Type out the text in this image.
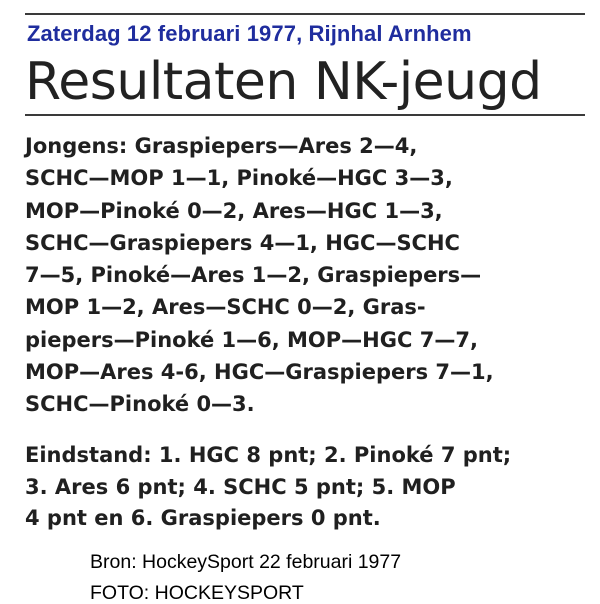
Zaterdag 12 februari 1977, Rijnhal Arnhem
Resultaten NK-jeugd
Jongens: Graspiepers—Ares 2—4,
SCHC—MOP 1—1, Pinoké—HGC 3—3,
MOP—Pinoké 0—2, Ares—HGC 1—3,
SCHC—Graspiepers 4—1, HGC—SCHC
7—5, Pinoké—Ares 1—2, Graspiepers—
MOP 1—2, Ares—SCHC 0—2, Gras-
piepers—Pinoké 1—6, MOP—HGC 7—7,
MOP—Ares 4-6, HGC—Graspiepers 7—1,
SCHC—Pinoké 0—3.
Eindstand: 1. HGC 8 pnt; 2. Pinoké 7 pnt;
3. Ares 6 pnt; 4. SCHC 5 pnt; 5. MOP
4 pnt en 6. Graspiepers 0 pnt.
Bron: HockeySport 22 februari 1977
FOTO: HOCKEYSPORT
